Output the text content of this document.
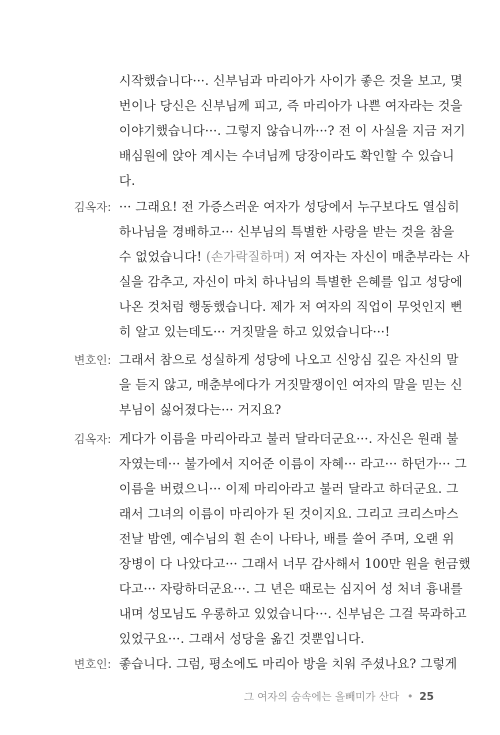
시작했습니다···. 신부님과 마리아가 사이가 좋은 것을 보고, 몇
번이나 당신은 신부님께 피고, 즉 마리아가 나쁜 여자라는 것을
이야기했습니다···. 그렇지 않습니까···? 전 이 사실을 지금 저기
배심원에 앉아 계시는 수녀님께 당장이라도 확인할 수 있습니
다.
김옥자: ··· 그래요! 전 가증스러운 여자가 성당에서 누구보다도 열심히
하나님을 경배하고··· 신부님의 특별한 사랑을 받는 것을 참을
수 없었습니다! (손가락질하며) 저 여자는 자신이 매춘부라는 사
실을 감추고, 자신이 마치 하나님의 특별한 은혜를 입고 성당에
나온 것처럼 행동했습니다. 제가 저 여자의 직업이 무엇인지 뻔
히 알고 있는데도··· 거짓말을 하고 있었습니다···!
변호인: 그래서 참으로 성실하게 성당에 나오고 신앙심 깊은 자신의 말
을 듣지 않고, 매춘부에다가 거짓말쟁이인 여자의 말을 믿는 신
부님이 싫어졌다는··· 거지요?
김옥자: 게다가 이름을 마리아라고 불러 달라더군요···. 자신은 원래 불
자였는데··· 불가에서 지어준 이름이 자혜··· 라고··· 하던가··· 그
이름을 버렸으니··· 이제 마리아라고 불러 달라고 하더군요. 그
래서 그녀의 이름이 마리아가 된 것이지요. 그리고 크리스마스
전날 밤엔, 예수님의 흰 손이 나타나, 배를 쓸어 주며, 오랜 위
장병이 다 나았다고··· 그래서 너무 감사해서 100만 원을 헌금했
다고··· 자랑하더군요···. 그 년은 때로는 심지어 성 처녀 흉내를
내며 성모님도 우롱하고 있었습니다···. 신부님은 그걸 묵과하고
있었구요···. 그래서 성당을 옮긴 것뿐입니다.
그 여자의 숨속에는 올빼미가 산다 • 25
변호인: 좋습니다. 그럼, 평소에도 마리아 방을 치워 주셨나요? 그렇게
